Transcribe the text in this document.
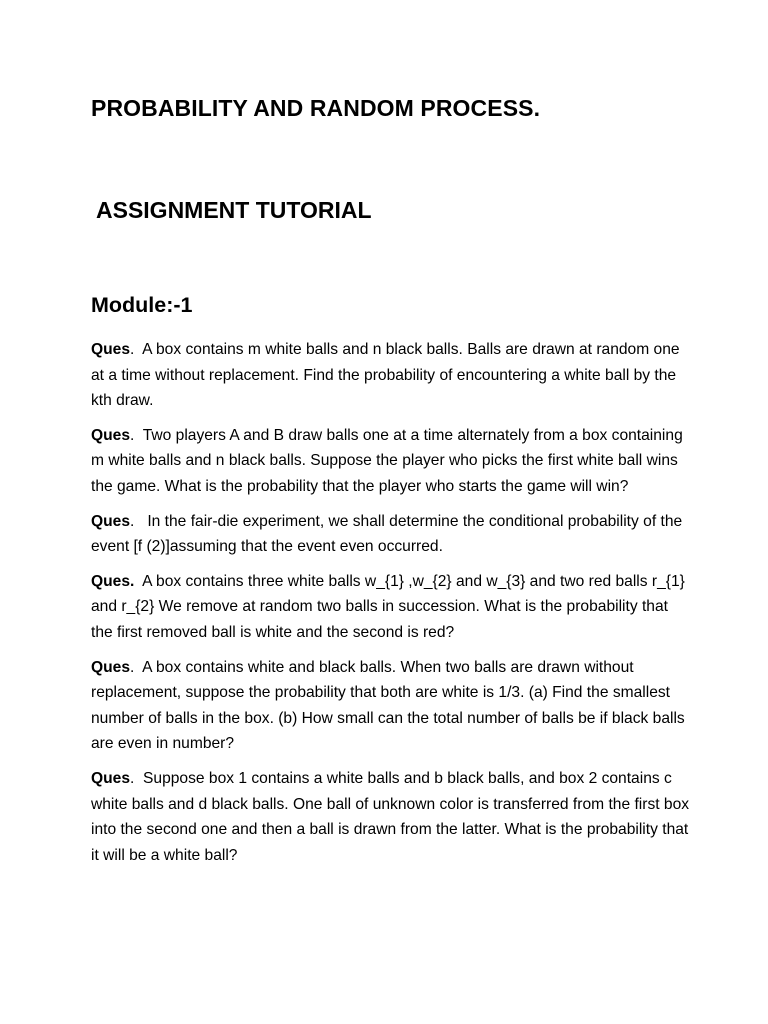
PROBABILITY AND RANDOM PROCESS.
ASSIGNMENT TUTORIAL
Module:-1
Ques.  A box contains m white balls and n black balls. Balls are drawn at random one at a time without replacement. Find the probability of encountering a white ball by the kth draw.
Ques.  Two players A and B draw balls one at a time alternately from a box containing m white balls and n black balls. Suppose the player who picks the first white ball wins the game. What is the probability that the player who starts the game will win?
Ques.   In the fair-die experiment, we shall determine the conditional probability of the event [f (2)]assuming that the event even occurred.
Ques. A box contains three white balls w_{1} ,w_{2} and w_{3} and two red balls r_{1} and r_{2} We remove at random two balls in succession. What is the probability that the first removed ball is white and the second is red?
Ques.  A box contains white and black balls. When two balls are drawn without replacement, suppose the probability that both are white is 1/3. (a) Find the smallest number of balls in the box. (b) How small can the total number of balls be if black balls are even in number?
Ques.  Suppose box 1 contains a white balls and b black balls, and box 2 contains c white balls and d black balls. One ball of unknown color is transferred from the first box into the second one and then a ball is drawn from the latter. What is the probability that it will be a white ball?
